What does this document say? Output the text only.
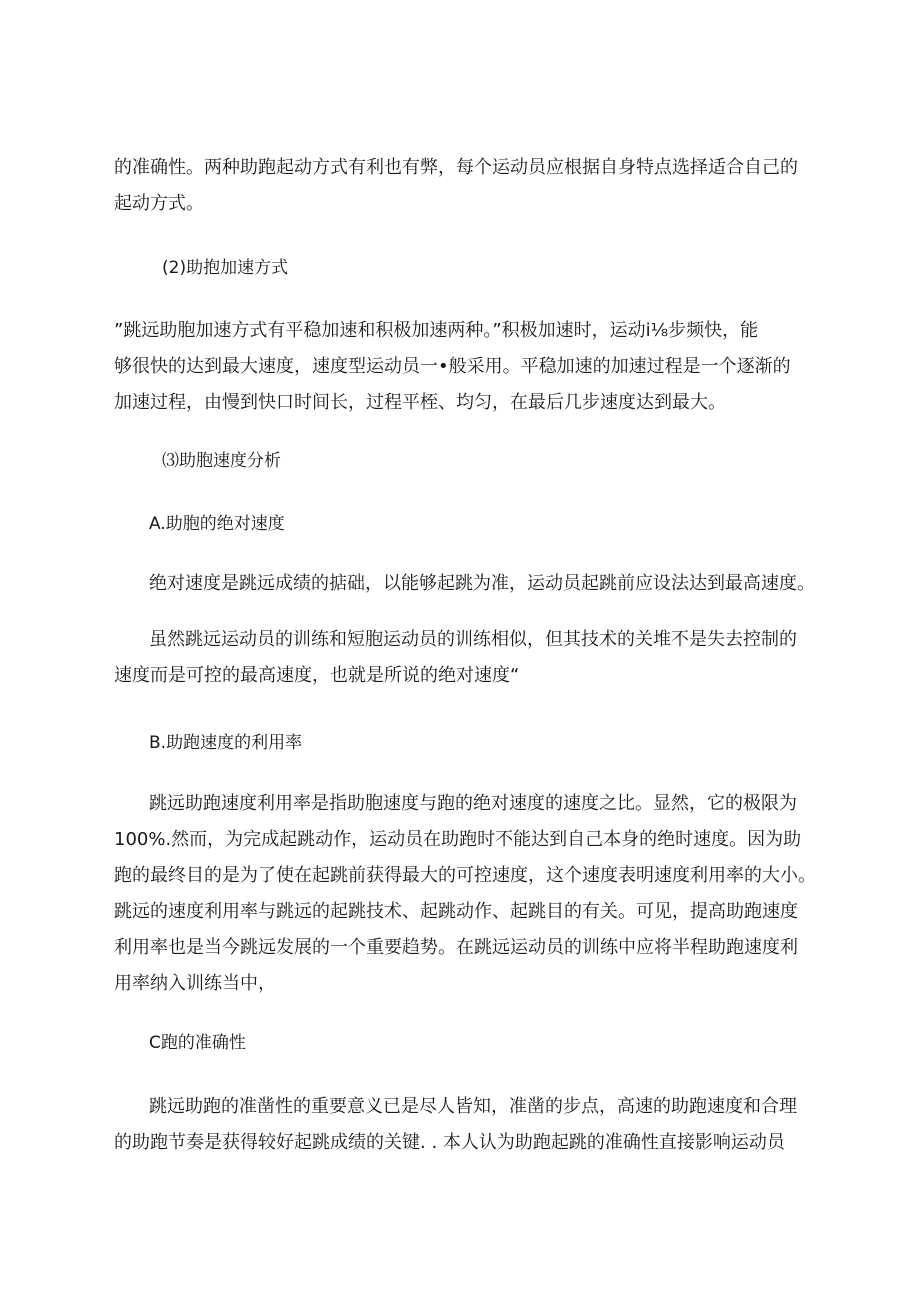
的准确性。两种助跑起动方式有利也有弊，每个运动员应根据自身特点选择适合自己的
起动方式。
(2)助抱加速方式
”跳远助胞加速方式有平稳加速和积极加速两种。”积极加速时，运动i⅛步频快，能
够很快的达到最大速度，速度型运动员一•般采用。平稳加速的加速过程是一个逐渐的
加速过程，由慢到快口时间长，过程平桎、均匀，在最后几步速度达到最大。
⑶助胞速度分析
A.助胞的绝对速度
绝对速度是跳远成绩的掂础，以能够起跳为准，运动员起跳前应设法达到最高速度。
虽然跳远运动员的训练和短胞运动员的训练相似，但其技术的关堆不是失去控制的
速度而是可控的最高速度，也就是所说的绝对速度“
B.助跑速度的利用率
跳远助跑速度利用率是指助胞速度与跑的绝对速度的速度之比。显然，它的极限为
100%.然而，为完成起跳动作，运动员在助跑时不能达到自己本身的绝时速度。因为助
跑的最终目的是为了使在起跳前获得最大的可控速度，这个速度表明速度利用率的大小。
跳远的速度利用率与跳远的起跳技术、起跳动作、起跳目的有关。可见，提高助跑速度
利用率也是当今跳远发展的一个重要趋势。在跳远运动员的训练中应将半程助跑速度利
用率纳入训练当中，
C跑的准确性
跳远助跑的准凿性的重要意义已是尽人皆知，准凿的步点，高速的助跑速度和合理
的助跑节奏是获得较好起跳成绩的关键. . 本人认为助跑起跳的准确性直接影响运动员
